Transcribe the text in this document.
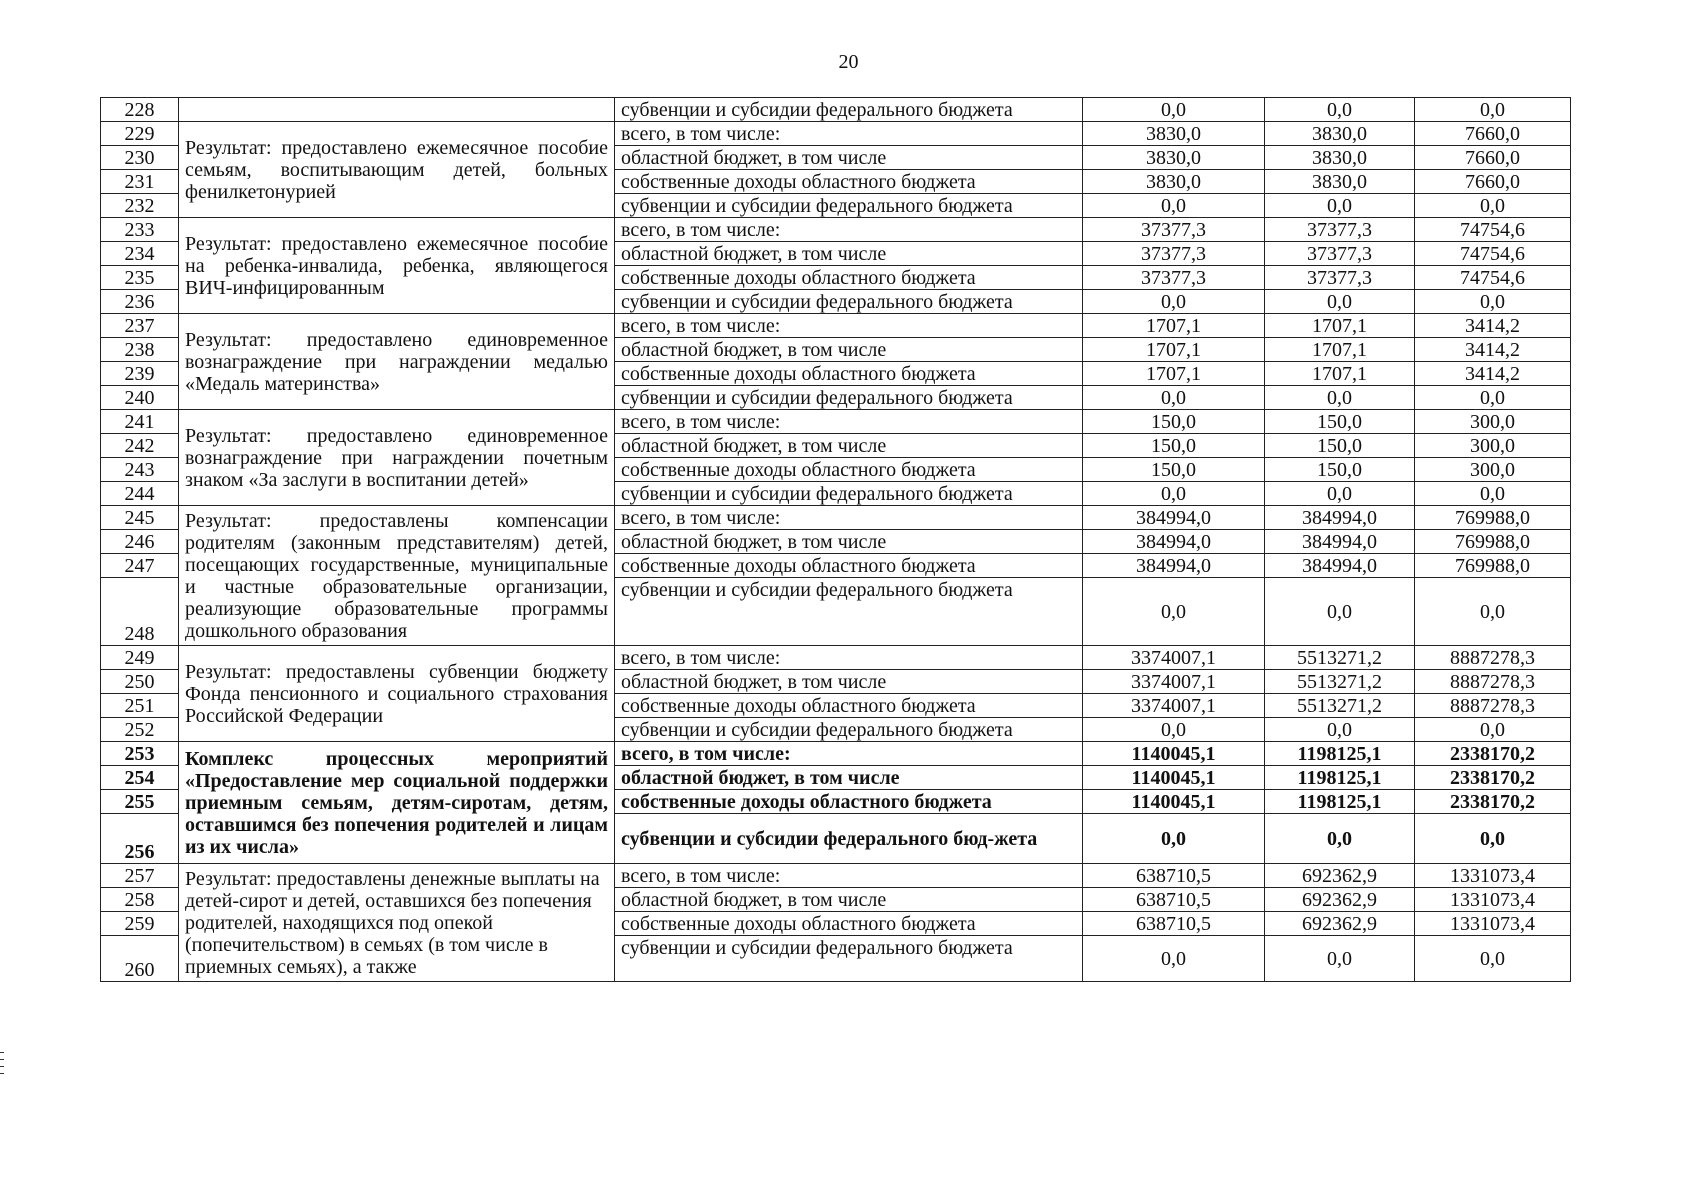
20
228		субвенции и субсидии федерального бюджета	0,0	0,0	0,0
229	Результат: предоставлено ежемесячное пособие семьям, воспитывающим детей, больных фенилкетонурией	всего, в том числе:	3830,0	3830,0	7660,0
230		областной бюджет, в том числе	3830,0	3830,0	7660,0
231		собственные доходы областного бюджета	3830,0	3830,0	7660,0
232		субвенции и субсидии федерального бюджета	0,0	0,0	0,0
233	Результат: предоставлено ежемесячное пособие на ребенка-инвалида, ребенка, являющегося ВИЧ-инфицированным	всего, в том числе:	37377,3	37377,3	74754,6
234		областной бюджет, в том числе	37377,3	37377,3	74754,6
235		собственные доходы областного бюджета	37377,3	37377,3	74754,6
236		субвенции и субсидии федерального бюджета	0,0	0,0	0,0
237	Результат: предоставлено единовременное вознаграждение при награждении медалью «Медаль материнства»	всего, в том числе:	1707,1	1707,1	3414,2
238		областной бюджет, в том числе	1707,1	1707,1	3414,2
239		собственные доходы областного бюджета	1707,1	1707,1	3414,2
240		субвенции и субсидии федерального бюджета	0,0	0,0	0,0
241	Результат: предоставлено единовременное вознаграждение при награждении почетным знаком «За заслуги в воспитании детей»	всего, в том числе:	150,0	150,0	300,0
242		областной бюджет, в том числе	150,0	150,0	300,0
243		собственные доходы областного бюджета	150,0	150,0	300,0
244		субвенции и субсидии федерального бюджета	0,0	0,0	0,0
245	Результат: предоставлены компенсации родителям (законным представителям) детей, посещающих государственные, муниципальные и частные образовательные организации, реализующие образовательные программы дошкольного образования	всего, в том числе:	384994,0	384994,0	769988,0
246		областной бюджет, в том числе	384994,0	384994,0	769988,0
247		собственные доходы областного бюджета	384994,0	384994,0	769988,0
248		субвенции и субсидии федерального бюджета	0,0	0,0	0,0
249	Результат: предоставлены субвенции бюджету Фонда пенсионного и социального страхования Российской Федерации	всего, в том числе:	3374007,1	5513271,2	8887278,3
250		областной бюджет, в том числе	3374007,1	5513271,2	8887278,3
251		собственные доходы областного бюджета	3374007,1	5513271,2	8887278,3
252		субвенции и субсидии федерального бюджета	0,0	0,0	0,0
253	Комплекс процессных мероприятий «Предоставление мер социальной поддержки приемным семьям, детям-сиротам, детям, оставшимся без попечения родителей и лицам из их числа»	всего, в том числе:	1140045,1	1198125,1	2338170,2
254		областной бюджет, в том числе	1140045,1	1198125,1	2338170,2
255		собственные доходы областного бюджета	1140045,1	1198125,1	2338170,2
256		субвенции и субсидии федерального бюд-жета	0,0	0,0	0,0
257	Результат: предоставлены денежные выплаты на детей-сирот и детей, оставшихся без попечения родителей, находящихся под опекой (попечительством) в семьях (в том числе в приемных семьях), а также	всего, в том числе:	638710,5	692362,9	1331073,4
258		областной бюджет, в том числе	638710,5	692362,9	1331073,4
259		собственные доходы областного бюджета	638710,5	692362,9	1331073,4
260		субвенции и субсидии федерального бюджета	0,0	0,0	0,0
